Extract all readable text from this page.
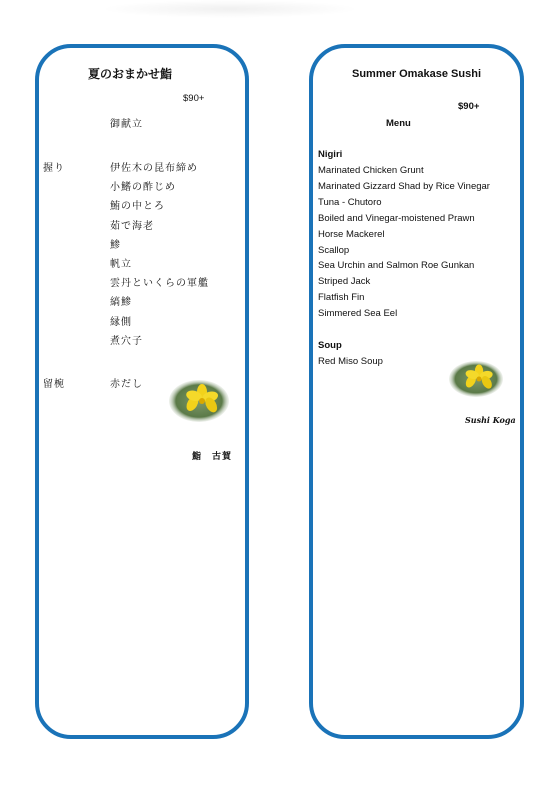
夏のおまかせ鮨
$90+
御献立
握り	伊佐木の昆布締め
小鰭の酢じめ
鮪の中とろ
茹で海老
鯵
帆立
雲丹といくらの軍艦
縞鯵
縁側
煮穴子
留椀	赤だし
鮨　古賀
Summer Omakase Sushi
$90+
Menu
Nigiri
Marinated Chicken Grunt
Marinated Gizzard Shad by Rice Vinegar
Tuna - Chutoro
Boiled and Vinegar-moistened Prawn
Horse Mackerel
Scallop
Sea Urchin and Salmon Roe Gunkan
Striped Jack
Flatfish Fin
Simmered Sea Eel
Soup
Red Miso Soup
Sushi Koga
